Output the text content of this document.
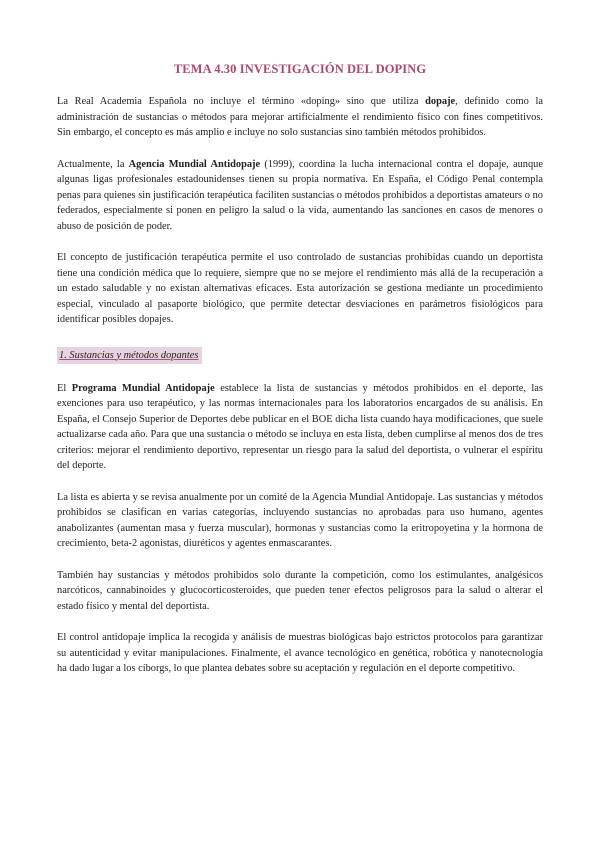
TEMA 4.30 INVESTIGACIÓN DEL DOPING

La Real Academia Española no incluye el término «doping» sino que utiliza dopaje, definido como la administración de sustancias o métodos para mejorar artificialmente el rendimiento físico con fines competitivos. Sin embargo, el concepto es más amplio e incluye no solo sustancias sino también métodos prohibidos.

Actualmente, la Agencia Mundial Antidopaje (1999), coordina la lucha internacional contra el dopaje, aunque algunas ligas profesionales estadounidenses tienen su propia normativa. En España, el Código Penal contempla penas para quienes sin justificación terapéutica faciliten sustancias o métodos prohibidos a deportistas amateurs o no federados, especialmente si ponen en peligro la salud o la vida, aumentando las sanciones en casos de menores o abuso de posición de poder.

El concepto de justificación terapéutica permite el uso controlado de sustancias prohibidas cuando un deportista tiene una condición médica que lo requiere, siempre que no se mejore el rendimiento más allá de la recuperación a un estado saludable y no existan alternativas eficaces. Esta autorización se gestiona mediante un procedimiento especial, vinculado al pasaporte biológico, que permite detectar desviaciones en parámetros fisiológicos para identificar posibles dopajes.

1. Sustancias y métodos dopantes

El Programa Mundial Antidopaje establece la lista de sustancias y métodos prohibidos en el deporte, las exenciones para uso terapéutico, y las normas internacionales para los laboratorios encargados de su análisis. En España, el Consejo Superior de Deportes debe publicar en el BOE dicha lista cuando haya modificaciones, que suele actualizarse cada año. Para que una sustancia o método se incluya en esta lista, deben cumplirse al menos dos de tres criterios: mejorar el rendimiento deportivo, representar un riesgo para la salud del deportista, o vulnerar el espíritu del deporte.

La lista es abierta y se revisa anualmente por un comité de la Agencia Mundial Antidopaje. Las sustancias y métodos prohibidos se clasifican en varias categorías, incluyendo sustancias no aprobadas para uso humano, agentes anabolizantes (aumentan masa y fuerza muscular), hormonas y sustancias como la eritropoyetina y la hormona de crecimiento, beta-2 agonistas, diuréticos y agentes enmascarantes.

También hay sustancias y métodos prohibidos solo durante la competición, como los estimulantes, analgésicos narcóticos, cannabinoides y glucocorticosteroides, que pueden tener efectos peligrosos para la salud o alterar el estado físico y mental del deportista.

El control antidopaje implica la recogida y análisis de muestras biológicas bajo estrictos protocolos para garantizar su autenticidad y evitar manipulaciones. Finalmente, el avance tecnológico en genética, robótica y nanotecnología ha dado lugar a los cíborgs, lo que plantea debates sobre su aceptación y regulación en el deporte competitivo.
